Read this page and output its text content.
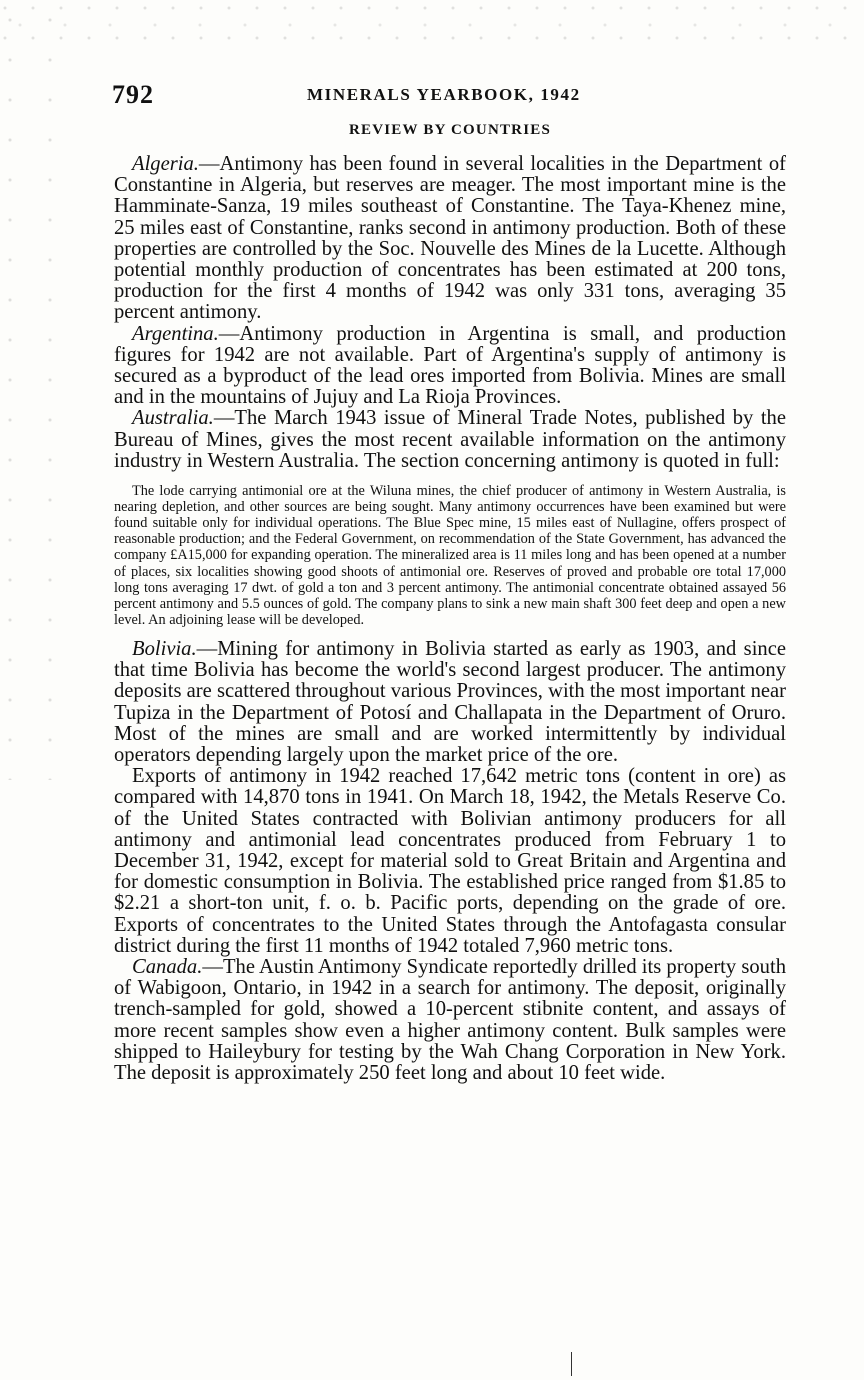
792	MINERALS YEARBOOK, 1942
REVIEW BY COUNTRIES

Algeria.—Antimony has been found in several localities in the Department of Constantine in Algeria, but reserves are meager. The most important mine is the Hamminate-Sanza, 19 miles southeast of Constantine. The Taya-Khenez mine, 25 miles east of Constantine, ranks second in antimony production. Both of these properties are controlled by the Soc. Nouvelle des Mines de la Lucette. Although potential monthly production of concentrates has been estimated at 200 tons, production for the first 4 months of 1942 was only 331 tons, averaging 35 percent antimony.

Argentina.—Antimony production in Argentina is small, and production figures for 1942 are not available. Part of Argentina's supply of antimony is secured as a byproduct of the lead ores imported from Bolivia. Mines are small and in the mountains of Jujuy and La Rioja Provinces.

Australia.—The March 1943 issue of Mineral Trade Notes, published by the Bureau of Mines, gives the most recent available information on the antimony industry in Western Australia. The section concerning antimony is quoted in full:

The lode carrying antimonial ore at the Wiluna mines, the chief producer of antimony in Western Australia, is nearing depletion, and other sources are being sought. Many antimony occurrences have been examined but were found suitable only for individual operations. The Blue Spec mine, 15 miles east of Nullagine, offers prospect of reasonable production; and the Federal Government, on recommendation of the State Government, has advanced the company £A15,000 for expanding operation. The mineralized area is 11 miles long and has been opened at a number of places, six localities showing good shoots of antimonial ore. Reserves of proved and probable ore total 17,000 long tons averaging 17 dwt. of gold a ton and 3 percent antimony. The antimonial concentrate obtained assayed 56 percent antimony and 5.5 ounces of gold. The company plans to sink a new main shaft 300 feet deep and open a new level. An adjoining lease will be developed.

Bolivia.—Mining for antimony in Bolivia started as early as 1903, and since that time Bolivia has become the world's second largest producer. The antimony deposits are scattered throughout various Provinces, with the most important near Tupiza in the Department of Potosí and Challapata in the Department of Oruro. Most of the mines are small and are worked intermittently by individual operators depending largely upon the market price of the ore.

Exports of antimony in 1942 reached 17,642 metric tons (content in ore) as compared with 14,870 tons in 1941. On March 18, 1942, the Metals Reserve Co. of the United States contracted with Bolivian antimony producers for all antimony and antimonial lead concentrates produced from February 1 to December 31, 1942, except for material sold to Great Britain and Argentina and for domestic consumption in Bolivia. The established price ranged from $1.85 to $2.21 a short-ton unit, f. o. b. Pacific ports, depending on the grade of ore. Exports of concentrates to the United States through the Antofagasta consular district during the first 11 months of 1942 totaled 7,960 metric tons.

Canada.—The Austin Antimony Syndicate reportedly drilled its property south of Wabigoon, Ontario, in 1942 in a search for antimony. The deposit, originally trench-sampled for gold, showed a 10-percent stibnite content, and assays of more recent samples show even a higher antimony content. Bulk samples were shipped to Haileybury for testing by the Wah Chang Corporation in New York. The deposit is approximately 250 feet long and about 10 feet wide.
